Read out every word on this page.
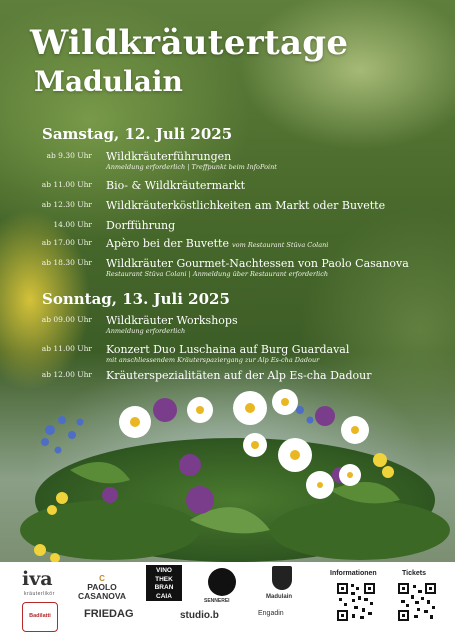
Wildkräutertage
Madulain
Samstag, 12. Juli 2025
ab 9.30 Uhr Wildkräuterführungen
Anmeldung erforderlich | Treffpunkt beim InfoPoint
ab 11.00 Uhr Bio- & Wildkräutermarkt
ab 12.30 Uhr Wildkräuterköstlichkeiten am Markt oder Buvette
14.00 Uhr Dorfführung
ab 17.00 Uhr Apèro bei der Buvette vom Restaurant Stüva Colani
ab 18.30 Uhr Wildkräuter Gourmet-Nachtessen von Paolo Casanova
Restaurant Stüva Colani | Anmeldung über Restaurant erforderlich
Sonntag, 13. Juli 2025
ab 09.00 Uhr Wildkräuter Workshops
Anmeldung erforderlich
ab 11.00 Uhr Konzert Duo Luschaina auf Burg Guardaval
mit anschliessendem Kräuterspaziergang zur Alp Es-cha Dadour
ab 12.00 Uhr Kräuterspezialitäten auf der Alp Es-cha Dadour
iva
kräuterlikör
C
PAOLO
CASANOVA
VINO THEK BRAN CAIA
SENNEREI
Madulain
Informationen	Tickets
Badilatti	FRIEDAG	studio.b	Engadin
